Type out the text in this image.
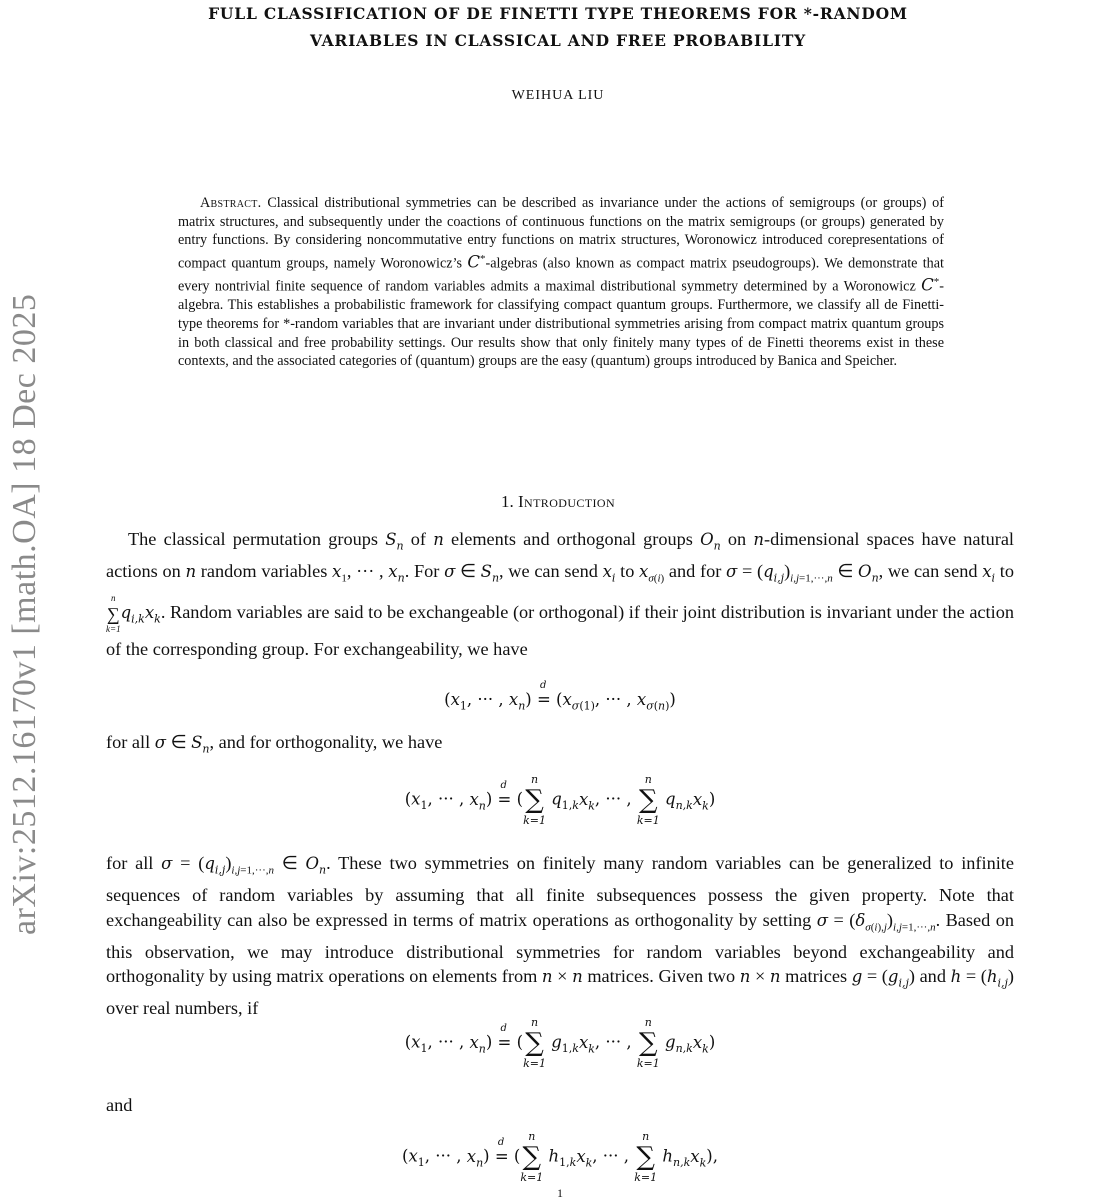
arXiv:2512.16170v1 [math.OA] 18 Dec 2025
FULL CLASSIFICATION OF DE FINETTI TYPE THEOREMS FOR *-RANDOM
VARIABLES IN CLASSICAL AND FREE PROBABILITY
WEIHUA LIU
Abstract. Classical distributional symmetries can be described as invariance under the actions of semigroups (or groups) of matrix structures, and subsequently under the coactions of continuous functions on the matrix semigroups (or groups) generated by entry functions. By considering noncommutative entry functions on matrix structures, Woronowicz introduced corepresentations of compact quantum groups, namely Woronowicz’s C*-algebras (also known as compact matrix pseudogroups). We demonstrate that every nontrivial finite sequence of random variables admits a maximal distributional symmetry determined by a Woronowicz C*-algebra. This establishes a probabilistic framework for classifying compact quantum groups. Furthermore, we classify all de Finetti-type theorems for *-random variables that are invariant under distributional symmetries arising from compact matrix quantum groups in both classical and free probability settings. Our results show that only finitely many types of de Finetti theorems exist in these contexts, and the associated categories of (quantum) groups are the easy (quantum) groups introduced by Banica and Speicher.
1. Introduction
The classical permutation groups $S_n$ of n elements and orthogonal groups $O_n$ on n-dimensional spaces have natural actions on n random variables $x_1$, ··· , $x_n$. For σ ∈ $S_n$, we can send $x_i$ to $x_{\sigma(i)}$ and for $\sigma = (q_{i,j})_{i,j=1,\cdot\cdot\cdot,n}$ ∈ $O_n$, we can send $x_i$ to
n
∑
k=1
$q_{i,k}x_k$. Random variables are said to be exchangeable (or orthogonal) if their joint distribution is invariant under the action of the corresponding group. For exchangeability, we have
($x_1$, ··· , $x_n$) =
d
($x_{\sigma(1)}$, ··· , $x_{\sigma(n)}$)
for all σ ∈ $S_n$, and for orthogonality, we have
($x_1$, ··· , $x_n$) =
d
(
n
∑
k=1
$q_{1,k}x_k$, ··· ,
n
∑
k=1
$q_{n,k}x_k$)
for all $\sigma = (q_{i,j})_{i,j=1,\cdot\cdot\cdot,n}$ ∈ $O_n$. These two symmetries on finitely many random variables can be generalized to infinite sequences of random variables by assuming that all finite subsequences possess the given property. Note that exchangeability can also be expressed in terms of matrix operations as orthogonality by setting $\sigma = (\delta_{\sigma(i),j})_{i,j=1,\cdot\cdot\cdot,n}$. Based on this observation, we may introduce distributional symmetries for random variables beyond exchangeability and orthogonality by using matrix operations on elements from n × n matrices. Given two n × n matrices $g = (g_{i,j})$ and $h = (h_{i,j})$ over real numbers, if
($x_1$, ··· , $x_n$) =
d
(
n
∑
k=1
$g_{1,k}x_k$, ··· ,
n
∑
k=1
$g_{n,k}x_k$)
and
($x_1$, ··· , $x_n$) =
d
(
n
∑
k=1
$h_{1,k}x_k$, ··· ,
n
∑
k=1
$h_{n,k}x_k$),
1
